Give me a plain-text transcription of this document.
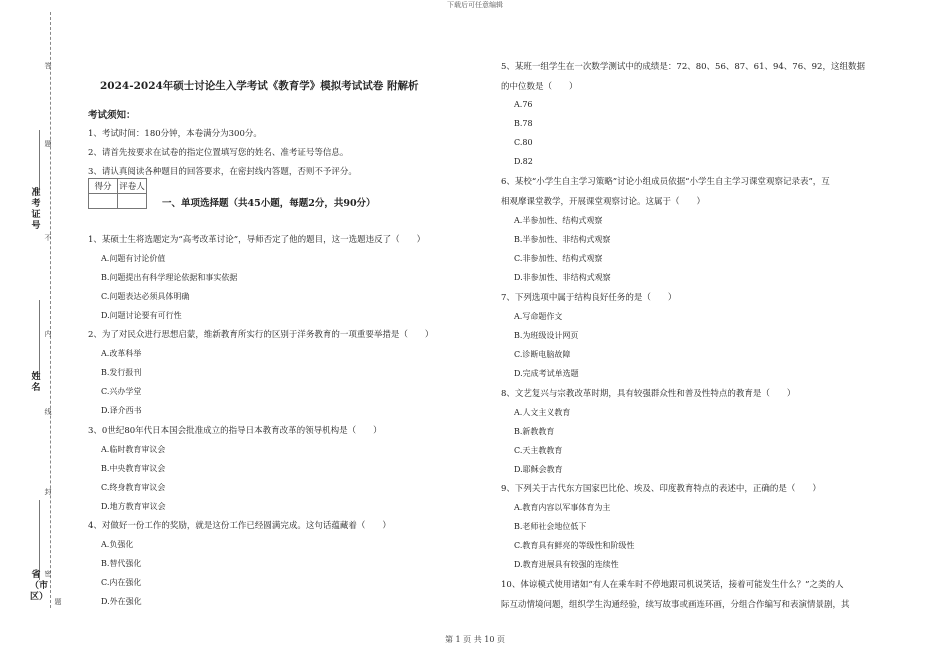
下载后可任意编辑
准考证号
姓名
省（市区）
答
题
不
内
线
封
密
题
2024-2024年硕士讨论生入学考试《教育学》模拟考试试卷 附解析
考试须知：
1、考试时间：180分钟，本卷满分为300分。
2、请首先按要求在试卷的指定位置填写您的姓名、准考证号等信息。
3、请认真阅读各种题目的回答要求，在密封线内答题，否则不予评分。
得分	评卷人

一、单项选择题（共45小题，每题2分，共90分）
1、某硕士生将选题定为“高考改革讨论”，导师否定了他的题目，这一选题违反了（　　）
A.问题有讨论价值
B.问题提出有科学理论依据和事实依据
C.问题表达必须具体明确
D.问题讨论要有可行性
2、为了对民众进行思想启蒙，维新教育所实行的区别于洋务教育的一项重要举措是（　　）
A.改革科举
B.发行报刊
C.兴办学堂
D.译介西书
3、0世纪80年代日本国会批准成立的指导日本教育改革的领导机构是（　　）
A.临时教育审议会
B.中央教育审议会
C.终身教育审议会
D.地方教育审议会
4、对做好一份工作的奖励，就是这份工作已经圆满完成。这句话蕴藏着（　　）
A.负强化
B.替代强化
C.内在强化
D.外在强化
5、某班一组学生在一次数学测试中的成绩是：72、80、56、87、61、94、76、92，这组数据
的中位数是（　　）
A.76
B.78
C.80
D.82
6、某校“小学生自主学习策略”讨论小组成员依据“小学生自主学习课堂观察记录表”，互
相观摩课堂教学，开展课堂观察讨论。这属于（　　）
A.半参加性、结构式观察
B.半参加性、非结构式观察
C.非参加性、结构式观察
D.非参加性、非结构式观察
7、下列选项中属于结构良好任务的是（　　）
A.写命题作文
B.为班级设计网页
C.诊断电脑故障
D.完成考试单选题
8、文艺复兴与宗教改革时期，具有较强群众性和普及性特点的教育是（　　）
A.人文主义教育
B.新教教育
C.天主教教育
D.耶稣会教育
9、下列关于古代东方国家巴比伦、埃及、印度教育特点的表述中，正确的是（　　）
A.教育内容以军事体育为主
B.老师社会地位低下
C.教育具有鲜亮的等级性和阶级性
D.教育进展具有较强的连续性
10、体谅模式使用诸如“有人在乘车时不停地跟司机说笑话，接着可能发生什么？”之类的人
际互动情境问题，组织学生沟通经验，续写故事或画连环画，分组合作编写和表演情景剧，其
第 1 页 共 10 页
